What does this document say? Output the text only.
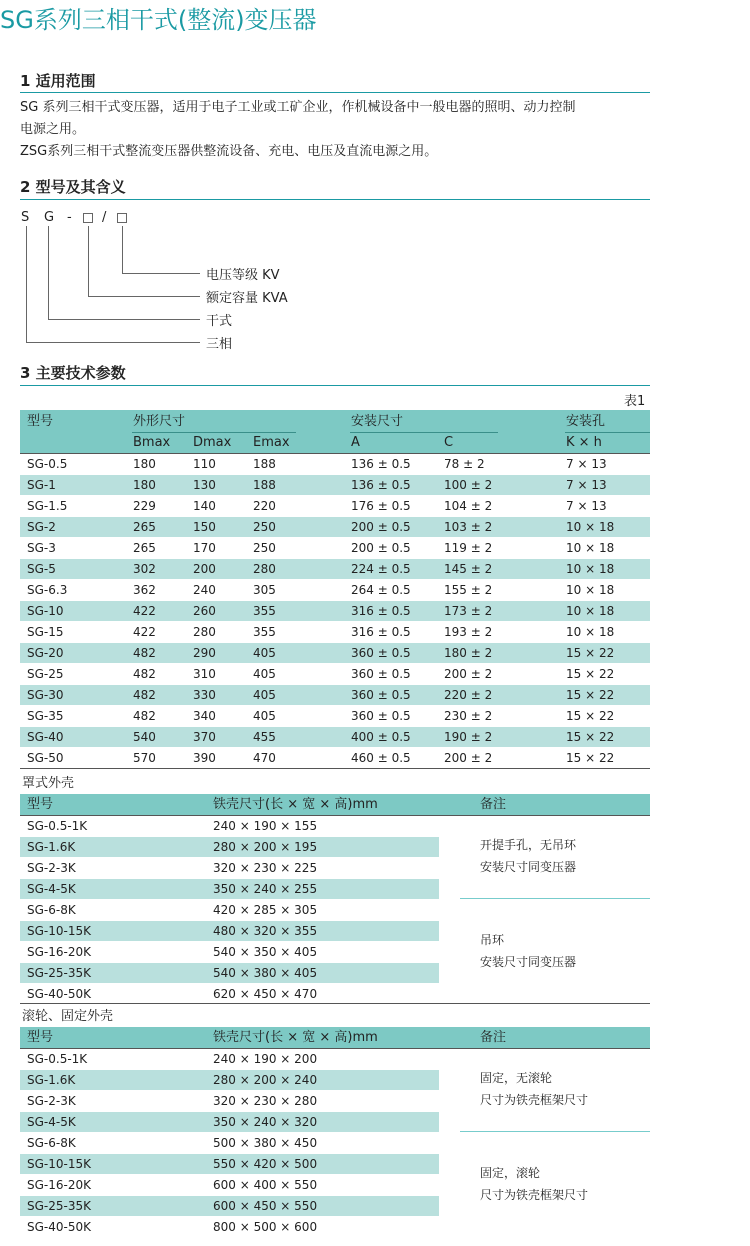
SG系列三相干式(整流)变压器
1 适用范围
SG 系列三相干式变压器，适用于电子工业或工矿企业，作机械设备中一般电器的照明、动力控制
电源之用。
ZSG系列三相干式整流变压器供整流设备、充电、电压及直流电源之用。
2 型号及其含义
S G - /
电压等级 KV
额定容量 KVA
干式
三相
3 主要技术参数
表1
型号	外形尺寸	安装尺寸	安装孔
Bmax Dmax Emax	A	C	K × h
SG-0.5	180	110	188	136 ± 0.5	78 ± 2	7 × 13
SG-1	180	130	188	136 ± 0.5	100 ± 2	7 × 13
SG-1.5	229	140	220	176 ± 0.5	104 ± 2	7 × 13
SG-2	265	150	250	200 ± 0.5	103 ± 2	10 × 18
SG-3	265	170	250	200 ± 0.5	119 ± 2	10 × 18
SG-5	302	200	280	224 ± 0.5	145 ± 2	10 × 18
SG-6.3	362	240	305	264 ± 0.5	155 ± 2	10 × 18
SG-10	422	260	355	316 ± 0.5	173 ± 2	10 × 18
SG-15	422	280	355	316 ± 0.5	193 ± 2	10 × 18
SG-20	482	290	405	360 ± 0.5	180 ± 2	15 × 22
SG-25	482	310	405	360 ± 0.5	200 ± 2	15 × 22
SG-30	482	330	405	360 ± 0.5	220 ± 2	15 × 22
SG-35	482	340	405	360 ± 0.5	230 ± 2	15 × 22
SG-40	540	370	455	400 ± 0.5	190 ± 2	15 × 22
SG-50	570	390	470	460 ± 0.5	200 ± 2	15 × 22
罩式外壳
型号	铁壳尺寸(长 × 宽 × 高)mm	备注
SG-0.5-1K	240 × 190 × 155
SG-1.6K	280 × 200 × 195
SG-2-3K	320 × 230 × 225
SG-4-5K	350 × 240 × 255
SG-6-8K	420 × 285 × 305
SG-10-15K	480 × 320 × 355
SG-16-20K	540 × 350 × 405
SG-25-35K	540 × 380 × 405
SG-40-50K	620 × 450 × 470
开提手孔，无吊环
安装尺寸同变压器
吊环
安装尺寸同变压器
滚轮、固定外壳
型号	铁壳尺寸(长 × 宽 × 高)mm	备注
SG-0.5-1K	240 × 190 × 200
SG-1.6K	280 × 200 × 240
SG-2-3K	320 × 230 × 280
SG-4-5K	350 × 240 × 320
SG-6-8K	500 × 380 × 450
SG-10-15K	550 × 420 × 500
SG-16-20K	600 × 400 × 550
SG-25-35K	600 × 450 × 550
SG-40-50K	800 × 500 × 600
固定，无滚轮
尺寸为铁壳框架尺寸
固定，滚轮
尺寸为铁壳框架尺寸
